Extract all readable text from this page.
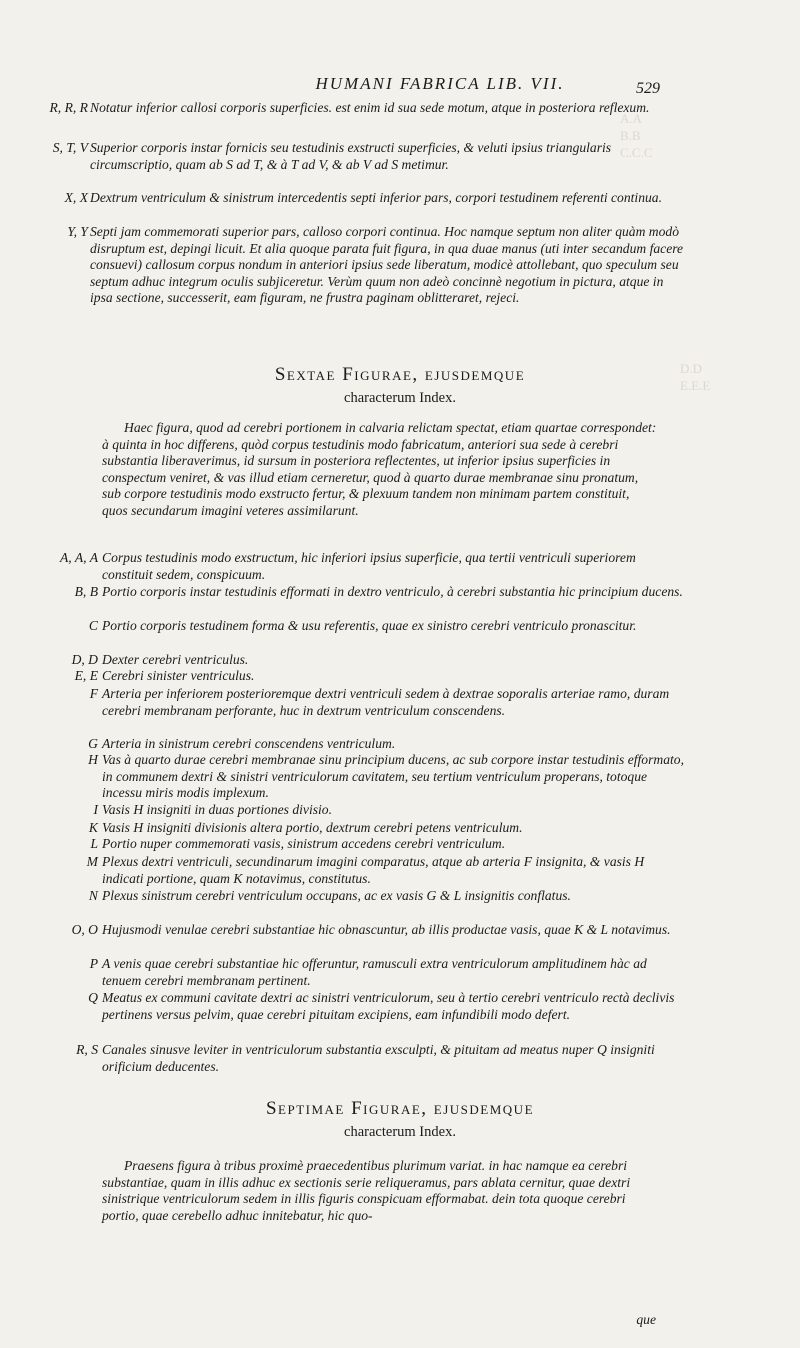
A.A
B.B
C.C.C
D.D
E.E.E
HUMANI FABRICA LIB. VII.	529
R, R, R Notatur inferior callosi corporis superficies. est enim id sua sede motum, atque in posteriora reflexum.
S, T, V Superior corporis instar fornicis seu testudinis exstructi superficies, & veluti ipsius triangularis circumscriptio, quam ab S ad T, & à T ad V, & ab V ad S metimur.
X, X Dextrum ventriculum & sinistrum intercedentis septi inferior pars, corpori testudinem referenti continua.
Y, Y Septi jam commemorati superior pars, calloso corpori continua. Hoc namque septum non aliter quàm modò disruptum est, depingi licuit. Et alia quoque parata fuit figura, in qua duae manus (uti inter secandum facere consuevi) callosum corpus nondum in anteriori ipsius sede liberatum, modicè attollebant, quo speculum seu septum adhuc integrum oculis subjiceretur. Verùm quum non adeò concinnè negotium in pictura, atque in ipsa sectione, successerit, eam figuram, ne frustra paginam oblitteraret, rejeci.
Sextae Figurae, ejusdemque
characterum Index.
Haec figura, quod ad cerebri portionem in calvaria relictam spectat, etiam quartae correspondet: à quinta in hoc differens, quòd corpus testudinis modo fabricatum, anteriori sua sede à cerebri substantia liberaverimus, id sursum in posteriora reflectentes, ut inferior ipsius superficies in conspectum veniret, & vas illud etiam cerneretur, quod à quarto durae membranae sinu pronatum, sub corpore testudinis modo exstructo fertur, & plexuum tandem non minimam partem constituit, quos secundarum imagini veteres assimilarunt.
A, A, A Corpus testudinis modo exstructum, hic inferiori ipsius superficie, qua tertii ventriculi superiorem constituit sedem, conspicuum.
B, B Portio corporis instar testudinis efformati in dextro ventriculo, à cerebri substantia hic principium ducens.
C Portio corporis testudinem forma & usu referentis, quae ex sinistro cerebri ventriculo pronascitur.
D, D Dexter cerebri ventriculus.
E, E Cerebri sinister ventriculus.
F Arteria per inferiorem posterioremque dextri ventriculi sedem à dextrae soporalis arteriae ramo, duram cerebri membranam perforante, huc in dextrum ventriculum conscendens.
G Arteria in sinistrum cerebri conscendens ventriculum.
H Vas à quarto durae cerebri membranae sinu principium ducens, ac sub corpore instar testudinis efformato, in communem dextri & sinistri ventriculorum cavitatem, seu tertium ventriculum properans, totoque incessu miris modis implexum.
I Vasis H insigniti in duas portiones divisio.
K Vasis H insigniti divisionis altera portio, dextrum cerebri petens ventriculum.
L Portio nuper commemorati vasis, sinistrum accedens cerebri ventriculum.
M Plexus dextri ventriculi, secundinarum imagini comparatus, atque ab arteria F insignita, & vasis H indicati portione, quam K notavimus, constitutus.
N Plexus sinistrum cerebri ventriculum occupans, ac ex vasis G & L insignitis conflatus.
O, O Hujusmodi venulae cerebri substantiae hic obnascuntur, ab illis productae vasis, quae K & L notavimus.
P A venis quae cerebri substantiae hic offeruntur, ramusculi extra ventriculorum amplitudinem hàc ad tenuem cerebri membranam pertinent.
Q Meatus ex communi cavitate dextri ac sinistri ventriculorum, seu à tertio cerebri ventriculo rectà declivis pertinens versus pelvim, quae cerebri pituitam excipiens, eam infundibili modo defert.
R, S Canales sinusve leviter in ventriculorum substantia exsculpti, & pituitam ad meatus nuper Q insigniti orificium deducentes.
Septimae Figurae, ejusdemque
characterum Index.
Praesens figura à tribus proximè praecedentibus plurimum variat. in hac namque ea cerebri substantiae, quam in illis adhuc ex sectionis serie reliqueramus, pars ablata cernitur, quae dextri sinistrique ventriculorum sedem in illis figuris conspicuam efformabat. dein tota quoque cerebri portio, quae cerebello adhuc innitebatur, hic quo-
que
